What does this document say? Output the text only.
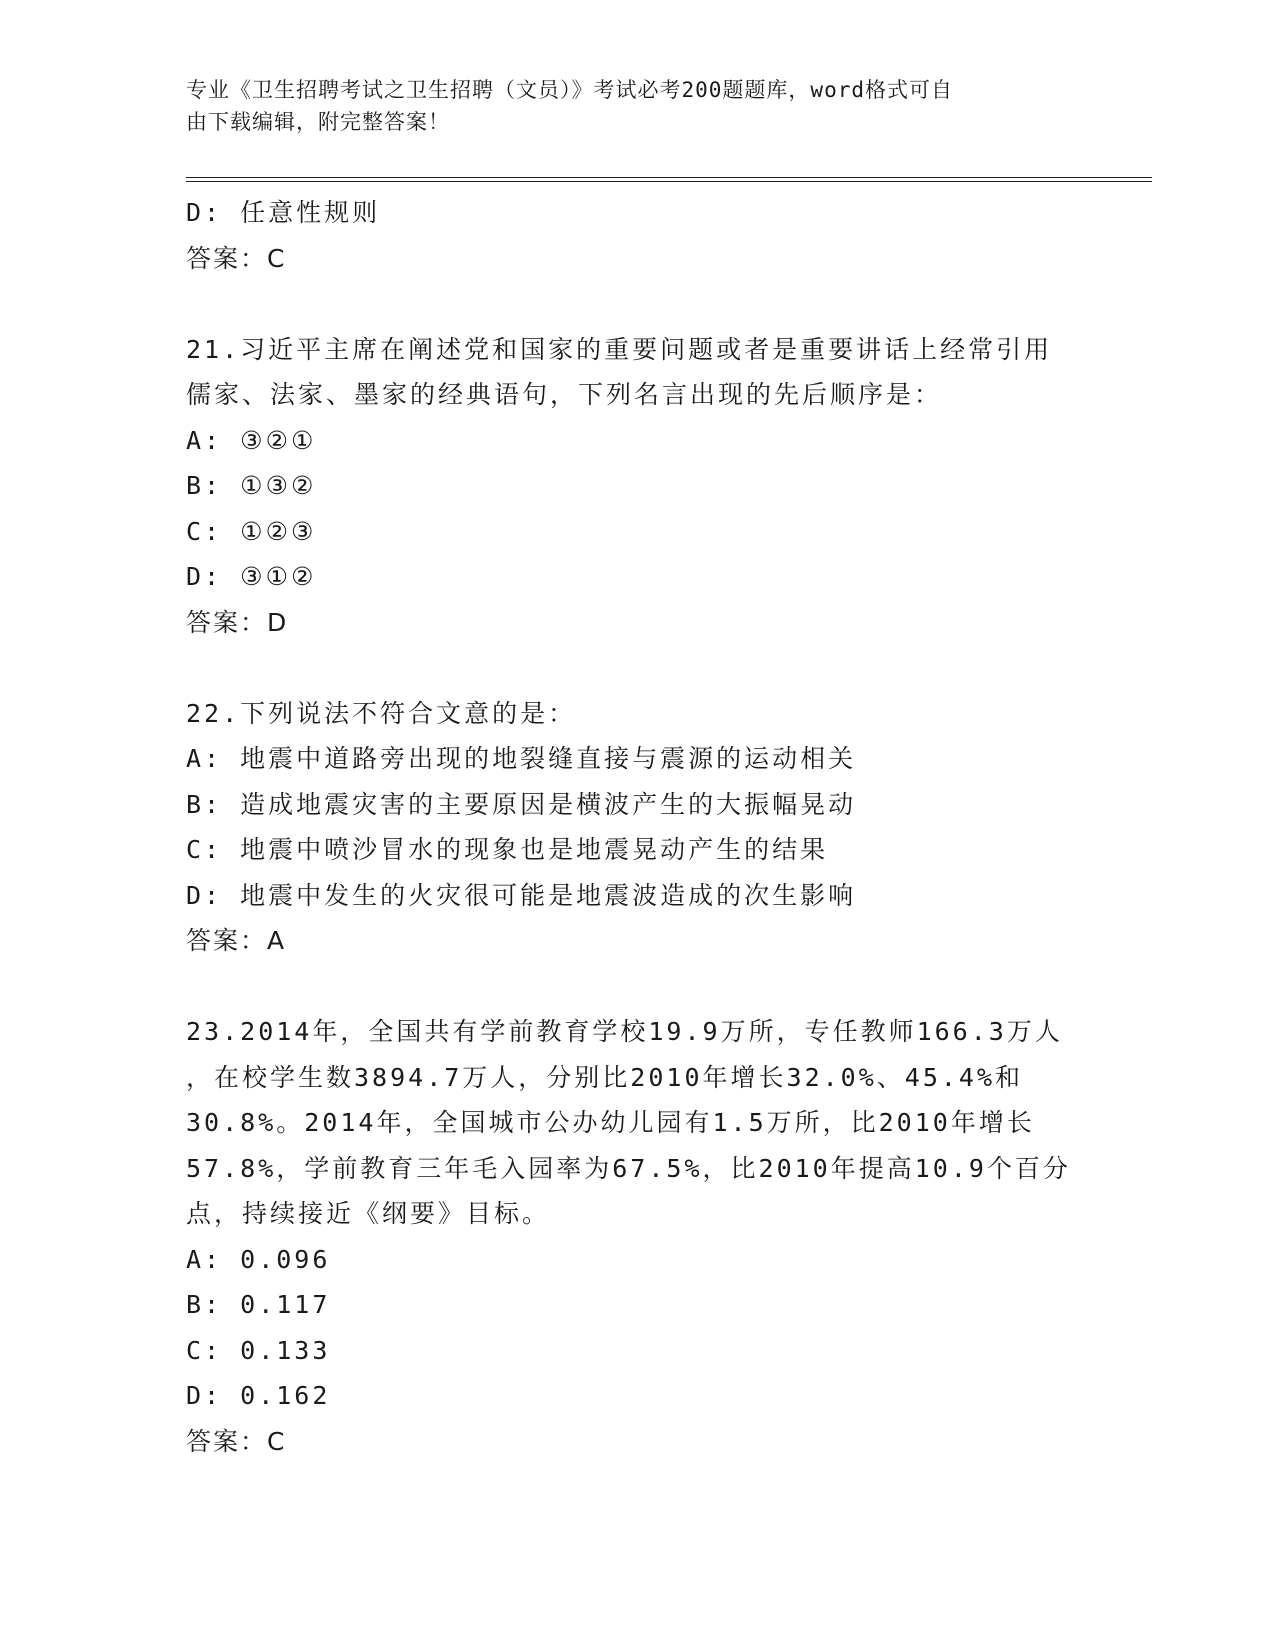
专业《卫生招聘考试之卫生招聘（文员）》考试必考200题题库，word格式可自
由下载编辑，附完整答案！
D: 任意性规则
答案：C
21.习近平主席在阐述党和国家的重要问题或者是重要讲话上经常引用
儒家、法家、墨家的经典语句，下列名言出现的先后顺序是：
A: ③②①
B: ①③②
C: ①②③
D: ③①②
答案：D
22.下列说法不符合文意的是：
A: 地震中道路旁出现的地裂缝直接与震源的运动相关
B: 造成地震灾害的主要原因是横波产生的大振幅晃动
C: 地震中喷沙冒水的现象也是地震晃动产生的结果
D: 地震中发生的火灾很可能是地震波造成的次生影响
答案：A
23.2014年，全国共有学前教育学校19.9万所，专任教师166.3万人
，在校学生数3894.7万人，分别比2010年增长32.0%、45.4%和
30.8%。2014年，全国城市公办幼儿园有1.5万所，比2010年增长
57.8%，学前教育三年毛入园率为67.5%，比2010年提高10.9个百分
点，持续接近《纲要》目标。
A: 0.096
B: 0.117
C: 0.133
D: 0.162
答案：C
